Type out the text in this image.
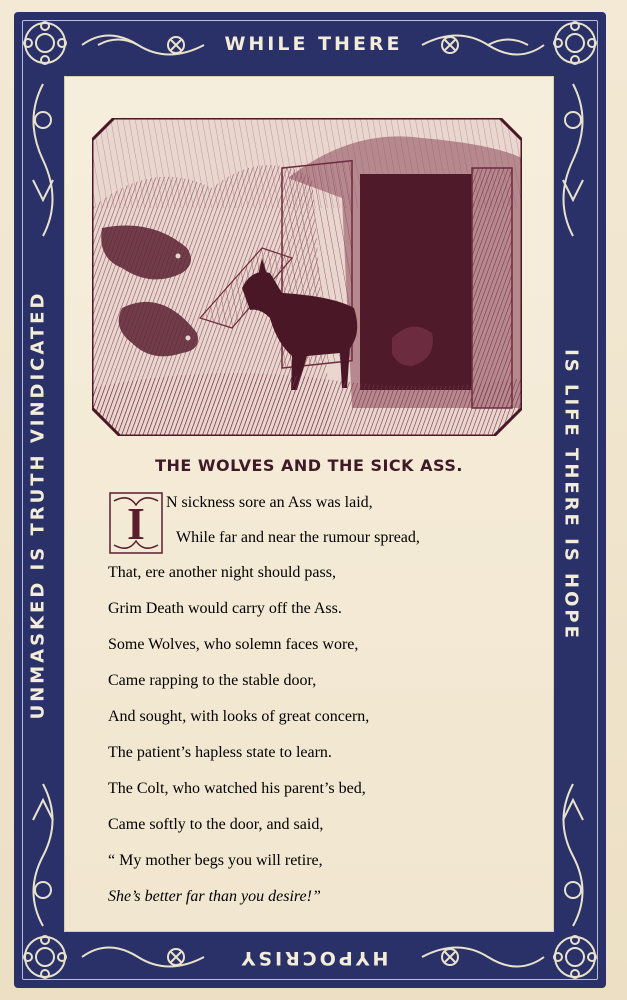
WHILE THERE
IS LIFE THERE IS HOPE
HYPOCRISY
UNMASKED IS TRUTH VINDICATED	THE WOLVES AND THE SICK ASS.
I N sickness sore an Ass was laid,
While far and near the rumour spread,
That, ere another night should pass,
Grim Death would carry off the Ass.
Some Wolves, who solemn faces wore,
Came rapping to the stable door,
And sought, with looks of great concern,
The patient’s hapless state to learn.
The Colt, who watched his parent’s bed,
Came softly to the door, and said,
“ My mother begs you will retire,
She’s better far than you desire!”
